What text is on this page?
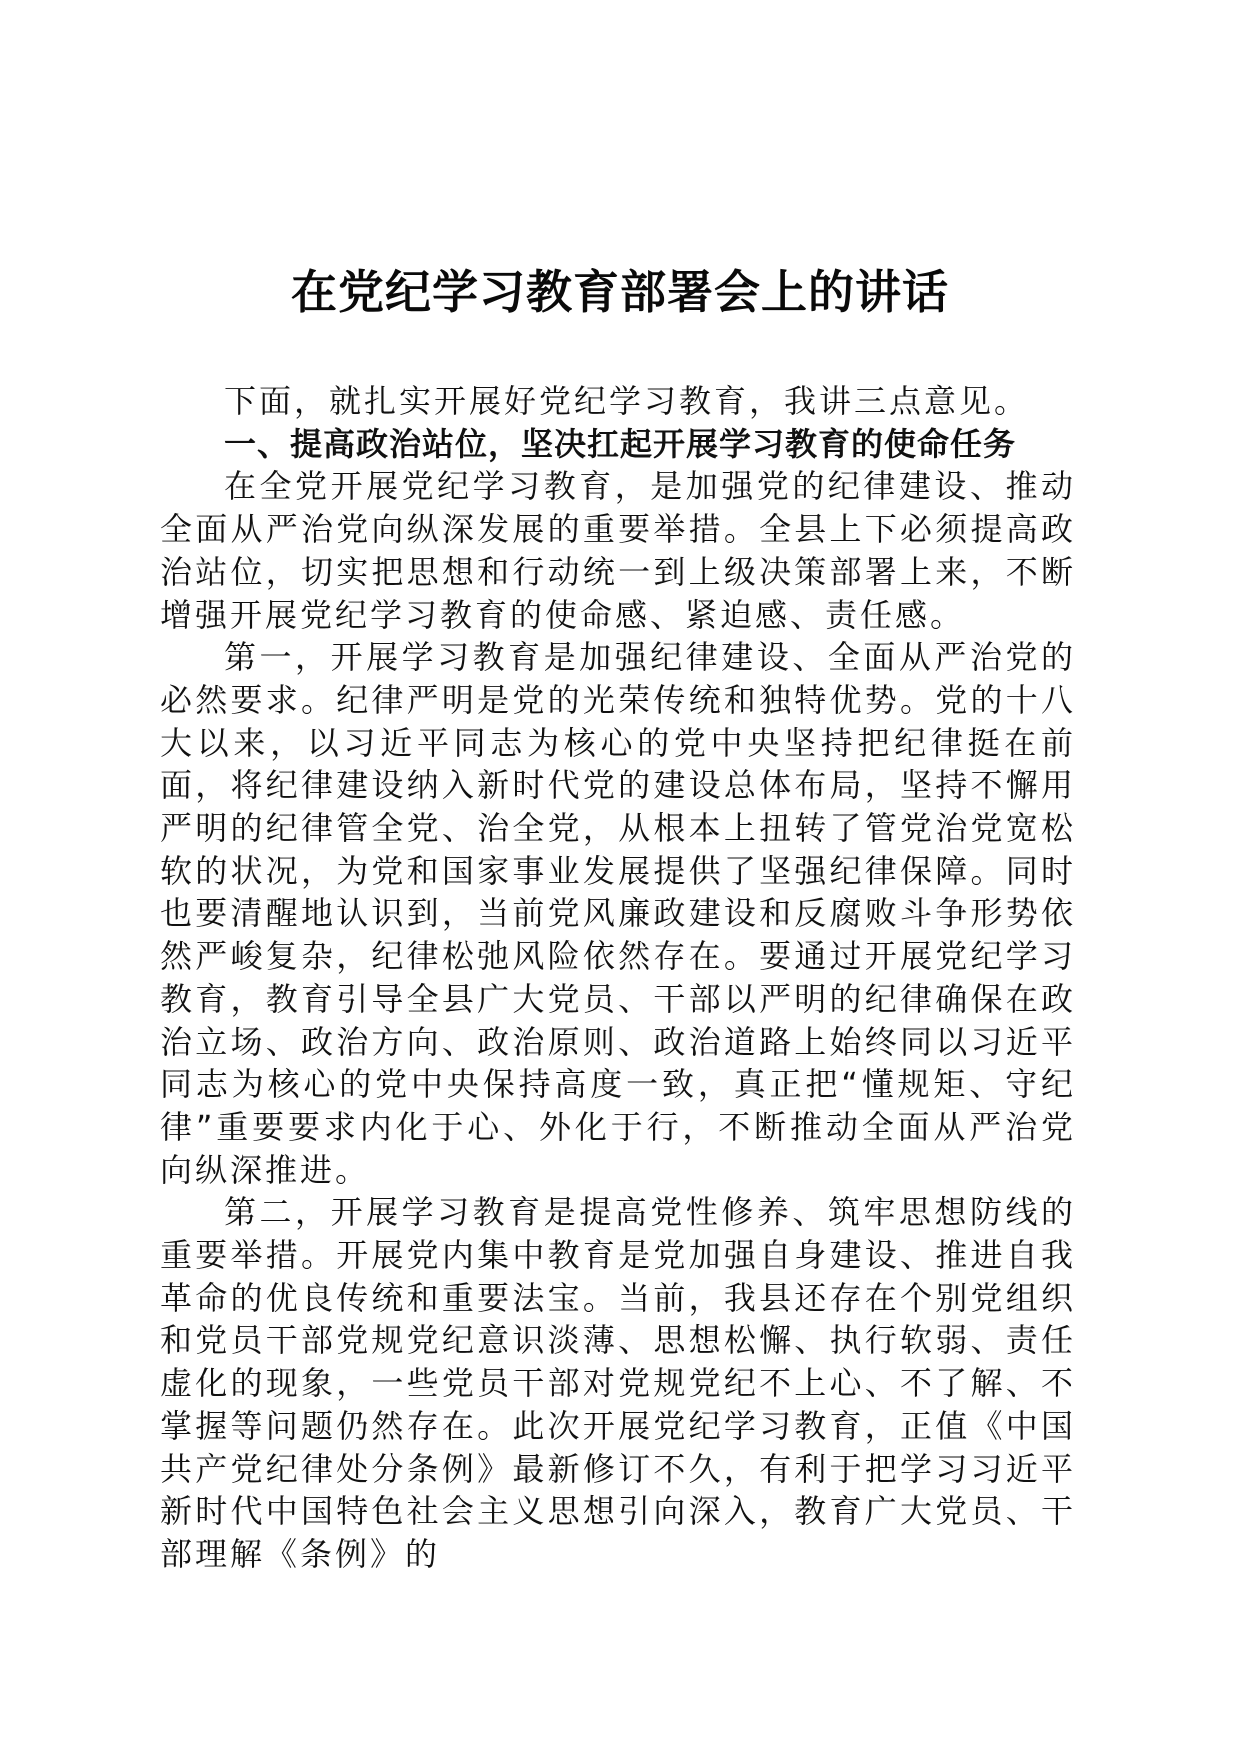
在党纪学习教育部署会上的讲话

下面，就扎实开展好党纪学习教育，我讲三点意见。

一、提高政治站位，坚决扛起开展学习教育的使命任务

在全党开展党纪学习教育，是加强党的纪律建设、推动全面从严治党向纵深发展的重要举措。全县上下必须提高政治站位，切实把思想和行动统一到上级决策部署上来，不断增强开展党纪学习教育的使命感、紧迫感、责任感。

第一，开展学习教育是加强纪律建设、全面从严治党的必然要求。纪律严明是党的光荣传统和独特优势。党的十八大以来，以习近平同志为核心的党中央坚持把纪律挺在前面，将纪律建设纳入新时代党的建设总体布局，坚持不懈用严明的纪律管全党、治全党，从根本上扭转了管党治党宽松软的状况，为党和国家事业发展提供了坚强纪律保障。同时也要清醒地认识到，当前党风廉政建设和反腐败斗争形势依然严峻复杂，纪律松弛风险依然存在。要通过开展党纪学习教育，教育引导全县广大党员、干部以严明的纪律确保在政治立场、政治方向、政治原则、政治道路上始终同以习近平同志为核心的党中央保持高度一致，真正把“懂规矩、守纪律”重要要求内化于心、外化于行，不断推动全面从严治党向纵深推进。

第二，开展学习教育是提高党性修养、筑牢思想防线的重要举措。开展党内集中教育是党加强自身建设、推进自我革命的优良传统和重要法宝。当前，我县还存在个别党组织和党员干部党规党纪意识淡薄、思想松懈、执行软弱、责任虚化的现象，一些党员干部对党规党纪不上心、不了解、不掌握等问题仍然存在。此次开展党纪学习教育，正值《中国共产党纪律处分条例》最新修订不久，有利于把学习习近平新时代中国特色社会主义思想引向深入，教育广大党员、干部理解《条例》的
